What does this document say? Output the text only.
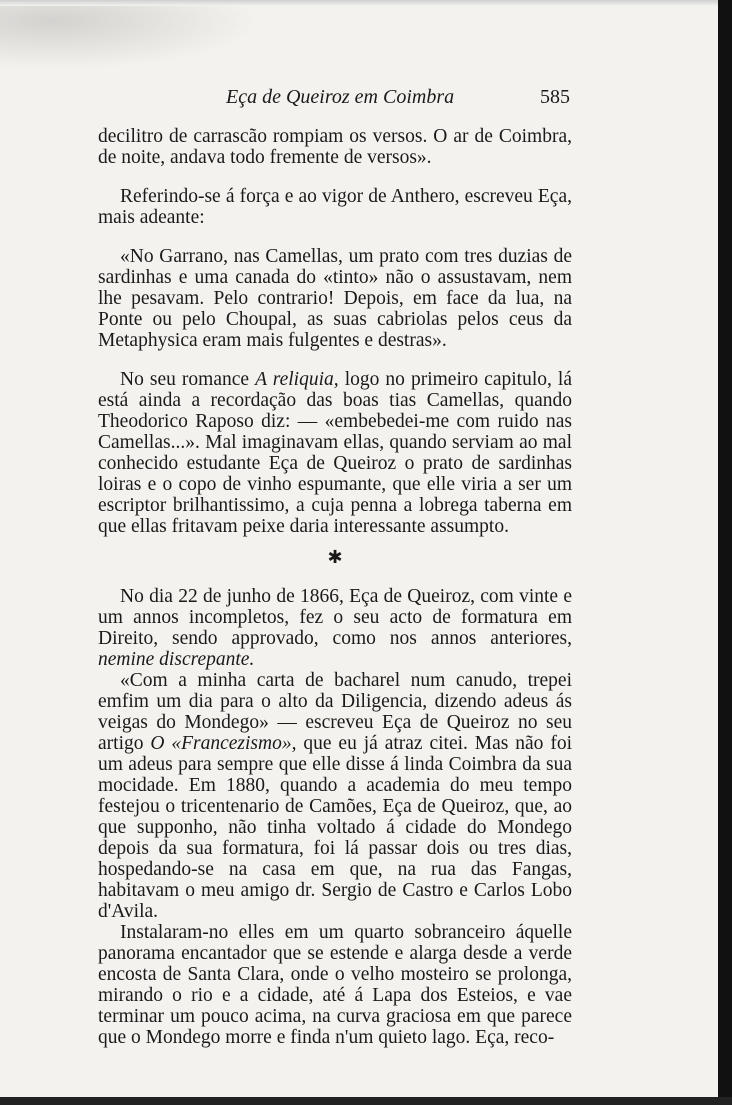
Eça de Queiroz em Coimbra	585

decilitro de carrascão rompiam os versos. O ar de Coimbra, de noite, andava todo fremente de versos».

Referindo-se á força e ao vigor de Anthero, escreveu Eça, mais adeante:

«No Garrano, nas Camellas, um prato com tres duzias de sardinhas e uma canada do «tinto» não o assustavam, nem lhe pesavam. Pelo contrario! Depois, em face da lua, na Ponte ou pelo Choupal, as suas cabriolas pelos ceus da Metaphysica eram mais fulgentes e destras».

No seu romance A reliquia, logo no primeiro capitulo, lá está ainda a recordação das boas tias Camellas, quando Theodorico Raposo diz: — «embebedei-me com ruido nas Camellas...». Mal imaginavam ellas, quando serviam ao mal conhecido estudante Eça de Queiroz o prato de sardinhas loiras e o copo de vinho espumante, que elle viria a ser um escriptor brilhantissimo, a cuja penna a lobrega taberna em que ellas fritavam peixe daria interessante assumpto.

✱

No dia 22 de junho de 1866, Eça de Queiroz, com vinte e um annos incompletos, fez o seu acto de formatura em Direito, sendo approvado, como nos annos anteriores, nemine discrepante.

«Com a minha carta de bacharel num canudo, trepei emfim um dia para o alto da Diligencia, dizendo adeus ás veigas do Mondego» — escreveu Eça de Queiroz no seu artigo O «Francezismo», que eu já atraz citei. Mas não foi um adeus para sempre que elle disse á linda Coimbra da sua mocidade. Em 1880, quando a academia do meu tempo festejou o tricentenario de Camões, Eça de Queiroz, que, ao que supponho, não tinha voltado á cidade do Mondego depois da sua formatura, foi lá passar dois ou tres dias, hospedando-se na casa em que, na rua das Fangas, habitavam o meu amigo dr. Sergio de Castro e Carlos Lobo d'Avila.

Instalaram-no elles em um quarto sobranceiro áquelle panorama encantador que se estende e alarga desde a verde encosta de Santa Clara, onde o velho mosteiro se prolonga, mirando o rio e a cidade, até á Lapa dos Esteios, e vae terminar um pouco acima, na curva graciosa em que parece que o Mondego morre e finda n'um quieto lago. Eça, reco-
